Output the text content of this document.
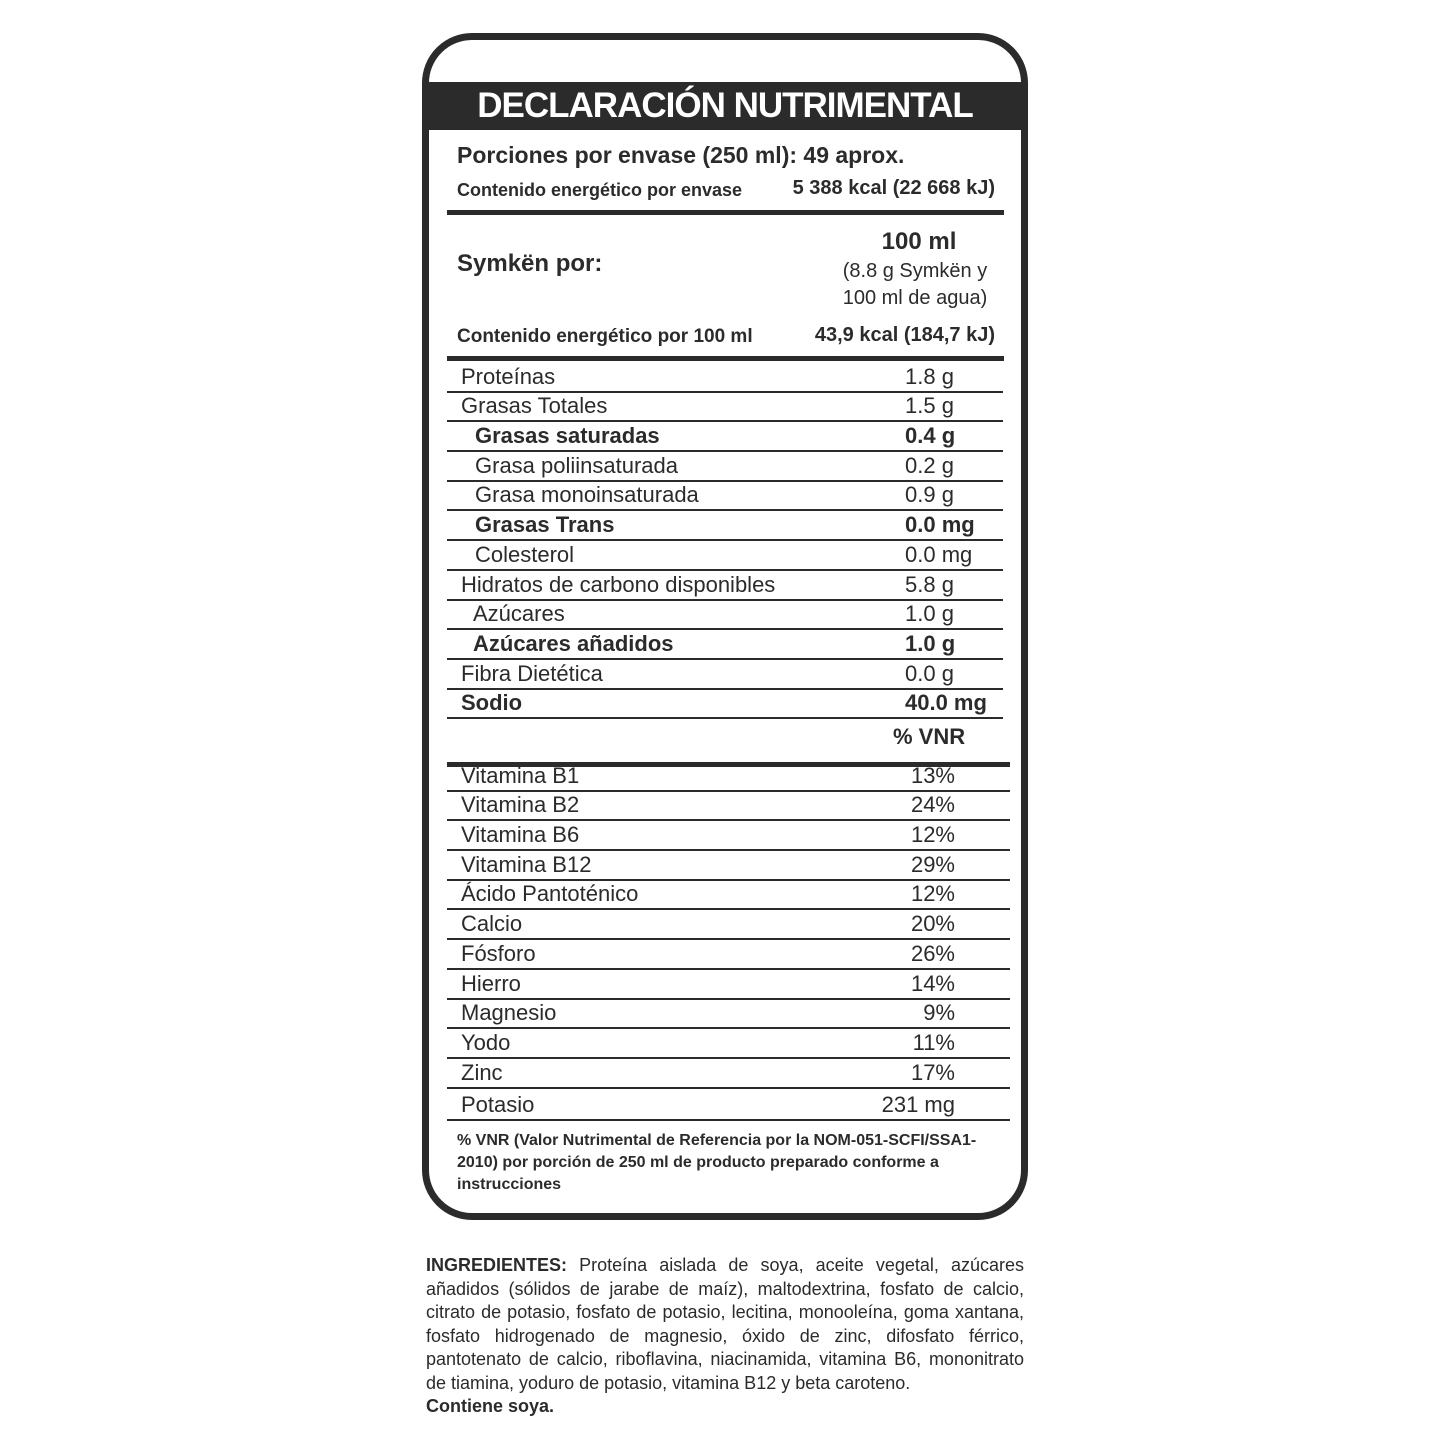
DECLARACIÓN NUTRIMENTAL
Porciones por envase (250 ml): 49 aprox.
Contenido energético por envase	5 388 kcal (22 668 kJ)
Symkën por:
100 ml
(8.8 g Symkën y 100 ml de agua)
Contenido energético por 100 ml	43,9 kcal (184,7 kJ)
Proteínas	1.8 g
Grasas Totales	1.5 g
Grasas saturadas	0.4 g
Grasa poliinsaturada	0.2 g
Grasa monoinsaturada	0.9 g
Grasas Trans	0.0 mg
Colesterol	0.0 mg
Hidratos de carbono disponibles	5.8 g
Azúcares	1.0 g
Azúcares añadidos	1.0 g
Fibra Dietética	0.0 g
Sodio	40.0 mg
% VNR
Vitamina B1	13%
Vitamina B2	24%
Vitamina B6	12%
Vitamina B12	29%
Ácido Pantoténico	12%
Calcio	20%
Fósforo	26%
Hierro	14%
Magnesio	9%
Yodo	11%
Zinc	17%
Potasio	231 mg
% VNR (Valor Nutrimental de Referencia por la NOM-051-SCFI/SSA1-2010) por porción de 250 ml de producto preparado conforme a instrucciones
INGREDIENTES: Proteína aislada de soya, aceite vegetal, azúcares añadidos (sólidos de jarabe de maíz), maltodextrina, fosfato de calcio, citrato de potasio, fosfato de potasio, lecitina, monooleína, goma xantana, fosfato hidrogenado de magnesio, óxido de zinc, difosfato férrico, pantotenato de calcio, riboflavina, niacinamida, vitamina B6, mononitrato de tiamina, yoduro de potasio, vitamina B12 y beta caroteno.
Contiene soya.
